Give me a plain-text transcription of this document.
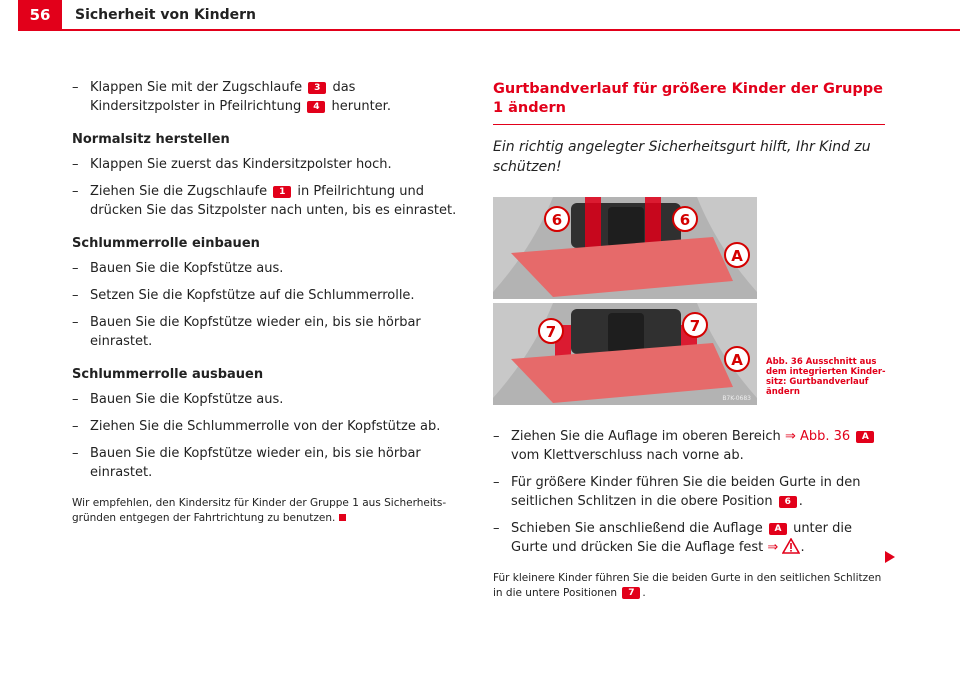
56	Sicherheit von Kindern
– Klappen Sie mit der Zugschlaufe 3 das Kindersitzpolster in Pfeilrichtung 4 herunter.
Normalsitz herstellen
– Klappen Sie zuerst das Kindersitzpolster hoch.
– Ziehen Sie die Zugschlaufe 1 in Pfeilrichtung und drücken Sie das Sitzpolster nach unten, bis es einrastet.
Schlummerrolle einbauen
– Bauen Sie die Kopfstütze aus.
– Setzen Sie die Kopfstütze auf die Schlummerrolle.
– Bauen Sie die Kopfstütze wieder ein, bis sie hörbar einrastet.
Schlummerrolle ausbauen
– Bauen Sie die Kopfstütze aus.
– Ziehen Sie die Schlummerrolle von der Kopfstütze ab.
– Bauen Sie die Kopfstütze wieder ein, bis sie hörbar einrastet.
Wir empfehlen, den Kindersitz für Kinder der Gruppe 1 aus Sicherheits-gründen entgegen der Fahrtrichtung zu benutzen.
Gurtbandverlauf für größere Kinder der Gruppe 1 ändern
Ein richtig angelegter Sicherheitsgurt hilft, Ihr Kind zu schützen!
6	6
A
7	7
A
B7K-0683
Abb. 36 Ausschnitt aus dem integrierten Kinder-sitz: Gurtbandverlauf ändern
– Ziehen Sie die Auflage im oberen Bereich ⇒ Abb. 36 A vom Klettverschluss nach vorne ab.
– Für größere Kinder führen Sie die beiden Gurte in den seitlichen Schlitzen in die obere Position 6 .
– Schieben Sie anschließend die Auflage A unter die Gurte und drücken Sie die Auflage fest ⇒ .
Für kleinere Kinder führen Sie die beiden Gurte in den seitlichen Schlitzen in die untere Positionen 7 .
